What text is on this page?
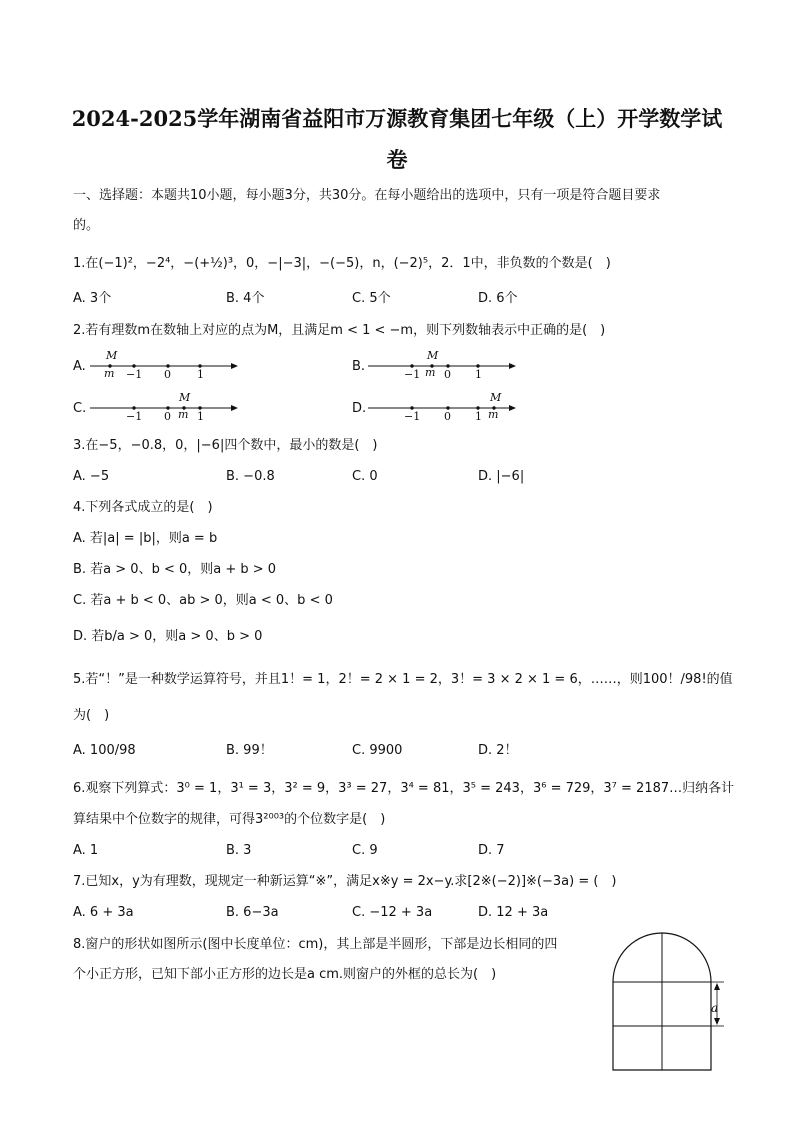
2024-2025学年湖南省益阳市万源教育集团七年级（上）开学数学试
卷
一、选择题：本题共10小题，每小题3分，共30分。在每小题给出的选项中，只有一项是符合题目要求
的。
1.在(−1)²，−2⁴，−(+½)³，0，−|−3|，−(−5)，n，(−2)⁵，2．1中，非负数的个数是(　)
A. 3个	B. 4个	C. 5个	D. 6个
2.若有理数m在数轴上对应的点为M，且满足m < 1 < −m，则下列数轴表示中正确的是(　)
A.
M
m −1 0 1
B.
M
m
−1 0 1
C.
M
m
−1 0 1
D.
M
m
−1 0 1
3.在−5，−0.8，0，|−6|四个数中，最小的数是(　)
A. −5	B. −0.8	C. 0	D. |−6|
4.下列各式成立的是(　)
A. 若|a| = |b|，则a = b
B. 若a > 0、b < 0，则a + b > 0
C. 若a + b < 0、ab > 0，则a < 0、b < 0
D. 若b/a > 0，则a > 0、b > 0
5.若“！”是一种数学运算符号，并且1！= 1，2！= 2 × 1 = 2，3！= 3 × 2 × 1 = 6，……，则100！/98!的值
为(　)
A. 100/98	B. 99！	C. 9900	D. 2！
6.观察下列算式：3⁰ = 1，3¹ = 3，3² = 9，3³ = 27，3⁴ = 81，3⁵ = 243，3⁶ = 729，3⁷ = 2187…归纳各计
算结果中个位数字的规律，可得3²⁰⁰³的个位数字是(　)
A. 1	B. 3	C. 9	D. 7
7.已知x，y为有理数，现规定一种新运算“※”，满足x※y = 2x−y.求[2※(−2)]※(−3a) = (　)
A. 6 + 3a	B. 6−3a	C. −12 + 3a	D. 12 + 3a
8.窗户的形状如图所示(图中长度单位：cm)，其上部是半圆形，下部是边长相同的四
个小正方形，已知下部小正方形的边长是a cm.则窗户的外框的总长为(　)
a
